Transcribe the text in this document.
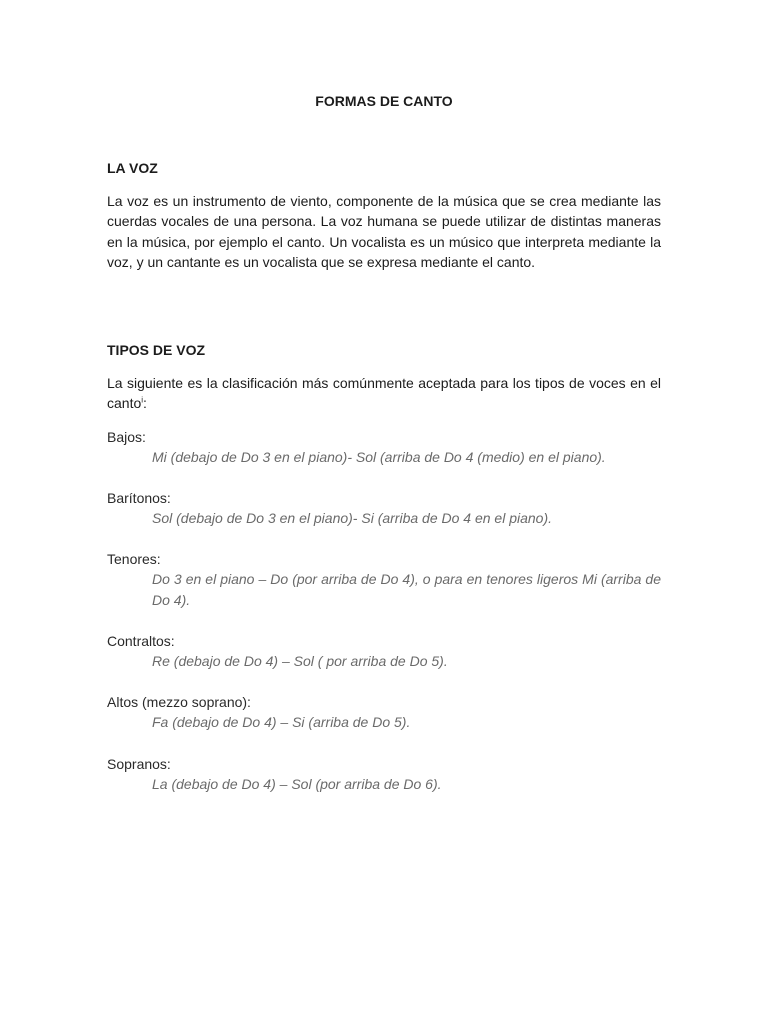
FORMAS DE CANTO
LA VOZ
La voz es un instrumento de viento, componente de la música que se crea mediante las cuerdas vocales de una persona. La voz humana se puede utilizar de distintas maneras en la música, por ejemplo el canto. Un vocalista es un músico que interpreta mediante la voz, y un cantante es un vocalista que se expresa mediante el canto.
TIPOS DE VOZ
La siguiente es la clasificación más comúnmente aceptada para los tipos de voces en el canto$^i$:
Bajos:
Mi (debajo de Do 3 en el piano)- Sol (arriba de Do 4 (medio) en el piano).
Barítonos:
Sol (debajo de Do 3 en el piano)- Si (arriba de Do 4 en el piano).
Tenores:
Do 3 en el piano – Do (por arriba de Do 4), o para en tenores ligeros Mi (arriba de Do 4).
Contraltos:
Re (debajo de Do 4) – Sol ( por arriba de Do 5).
Altos (mezzo soprano):
Fa (debajo de Do 4) – Si (arriba de Do 5).
Sopranos:
La (debajo de Do 4) – Sol (por arriba de Do 6).
